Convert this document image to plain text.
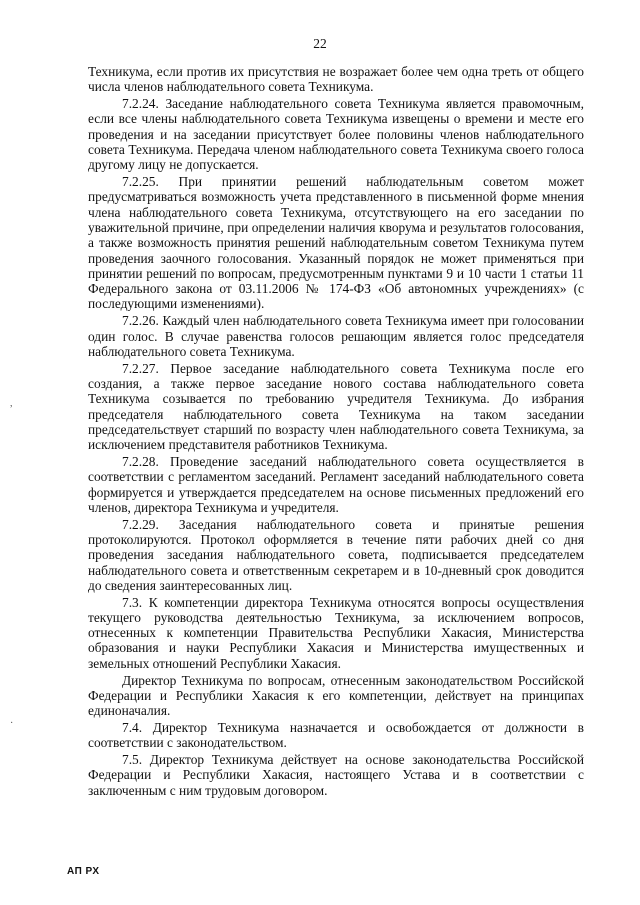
22

Техникума, если против их присутствия не возражает более чем одна треть от общего числа членов наблюдательного совета Техникума.

7.2.24. Заседание наблюдательного совета Техникума является правомочным, если все члены наблюдательного совета Техникума извещены о времени и месте его проведения и на заседании присутствует более половины членов наблюдательного совета Техникума. Передача членом наблюдательного совета Техникума своего голоса другому лицу не допускается.

7.2.25. При принятии решений наблюдательным советом может предусматриваться возможность учета представленного в письменной форме мнения члена наблюдательного совета Техникума, отсутствующего на его заседании по уважительной причине, при определении наличия кворума и результатов голосования, а также возможность принятия решений наблюдательным советом Техникума путем проведения заочного голосования. Указанный порядок не может применяться при принятии решений по вопросам, предусмотренным пунктами 9 и 10 части 1 статьи 11 Федерального закона от 03.11.2006 № 174-ФЗ «Об автономных учреждениях» (с последующими изменениями).

7.2.26. Каждый член наблюдательного совета Техникума имеет при голосовании один голос. В случае равенства голосов решающим является голос председателя наблюдательного совета Техникума.

7.2.27. Первое заседание наблюдательного совета Техникума после его создания, а также первое заседание нового состава наблюдательного совета Техникума созывается по требованию учредителя Техникума. До избрания председателя наблюдательного совета Техникума на таком заседании председательствует старший по возрасту член наблюдательного совета Техникума, за исключением представителя работников Техникума.

7.2.28. Проведение заседаний наблюдательного совета осуществляется в соответствии с регламентом заседаний. Регламент заседаний наблюдательного совета формируется и утверждается председателем на основе письменных предложений его членов, директора Техникума и учредителя.

7.2.29. Заседания наблюдательного совета и принятые решения протоколируются. Протокол оформляется в течение пяти рабочих дней со дня проведения заседания наблюдательного совета, подписывается председателем наблюдательного совета и ответственным секретарем и в 10-дневный срок доводится до сведения заинтересованных лиц.

7.3. К компетенции директора Техникума относятся вопросы осуществления текущего руководства деятельностью Техникума, за исключением вопросов, отнесенных к компетенции Правительства Республики Хакасия, Министерства образования и науки Республики Хакасия и Министерства имущественных и земельных отношений Республики Хакасия.

Директор Техникума по вопросам, отнесенным законодательством Российской Федерации и Республики Хакасия к его компетенции, действует на принципах единоначалия.

7.4. Директор Техникума назначается и освобождается от должности в соответствии с законодательством.

7.5. Директор Техникума действует на основе законодательства Российской Федерации и Республики Хакасия, настоящего Устава и в соответствии с заключенным с ним трудовым договором.

,
·
АП РХ
